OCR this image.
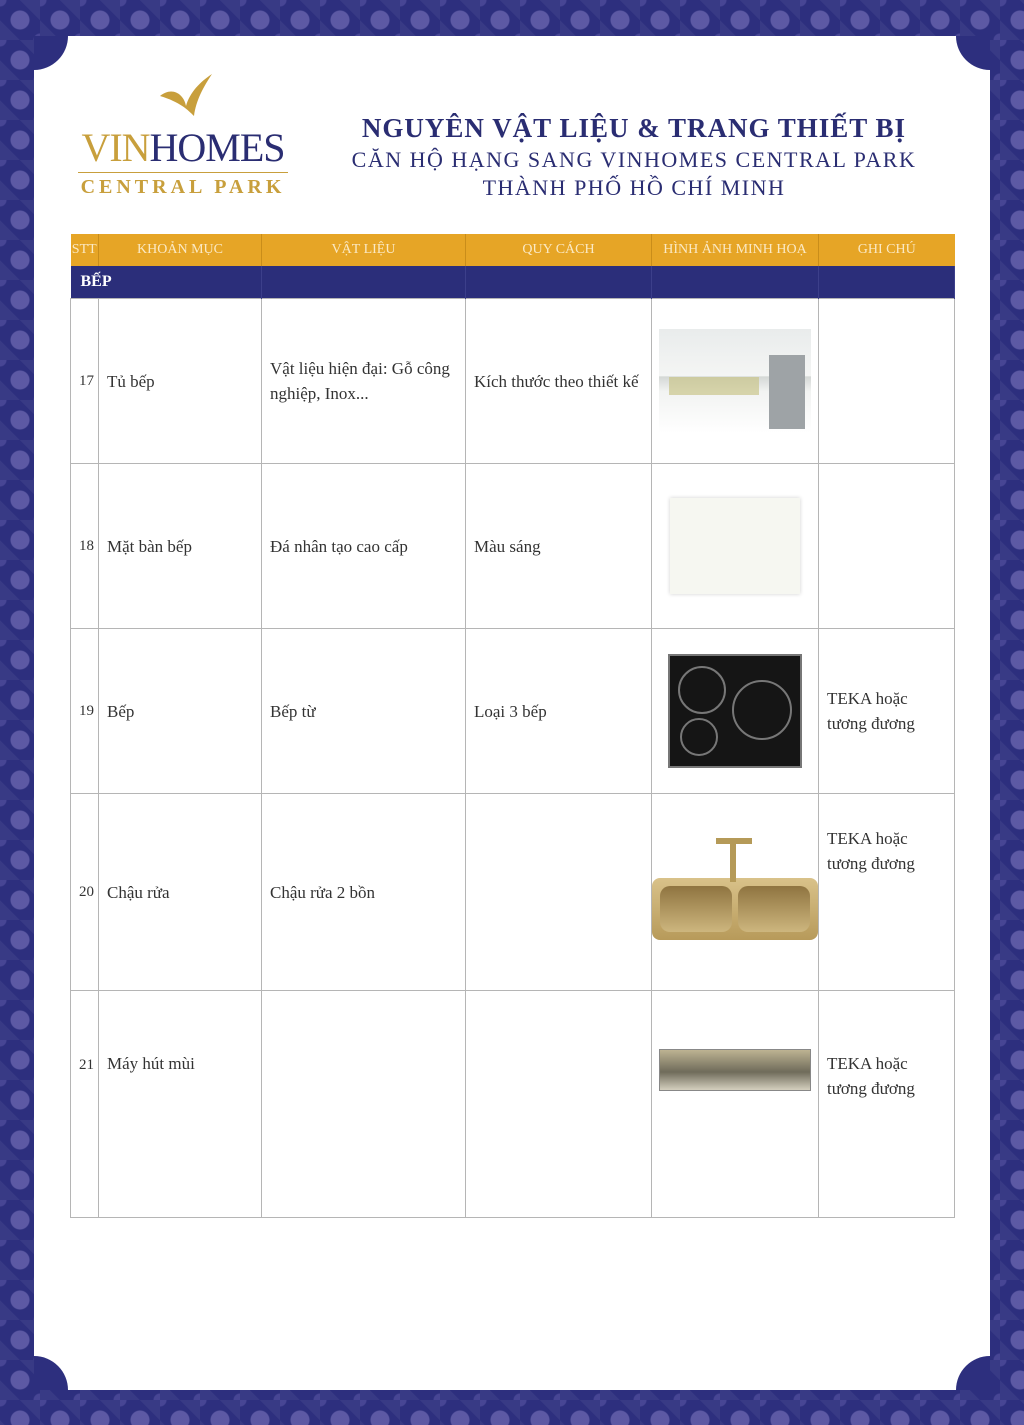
VINHOMES
CENTRAL PARK
NGUYÊN VẬT LIỆU & TRANG THIẾT BỊ
CĂN HỘ HẠNG SANG VINHOMES CENTRAL PARK
THÀNH PHỐ HỒ CHÍ MINH
STT	KHOẢN MỤC	VẬT LIỆU	QUY CÁCH	HÌNH ẢNH MINH HOẠ	GHI CHÚ
BẾP					
17	Tủ bếp	Vật liệu hiện đại: Gỗ công nghiệp, Inox...	Kích thước theo thiết kế		
18	Mặt bàn bếp	Đá nhân tạo cao cấp	Màu sáng		
19	Bếp	Bếp từ	Loại 3 bếp		TEKA hoặc tương đương
20	Chậu rửa	Chậu rửa 2 bồn			TEKA hoặc tương đương
21	Máy hút mùi				TEKA hoặc tương đương
